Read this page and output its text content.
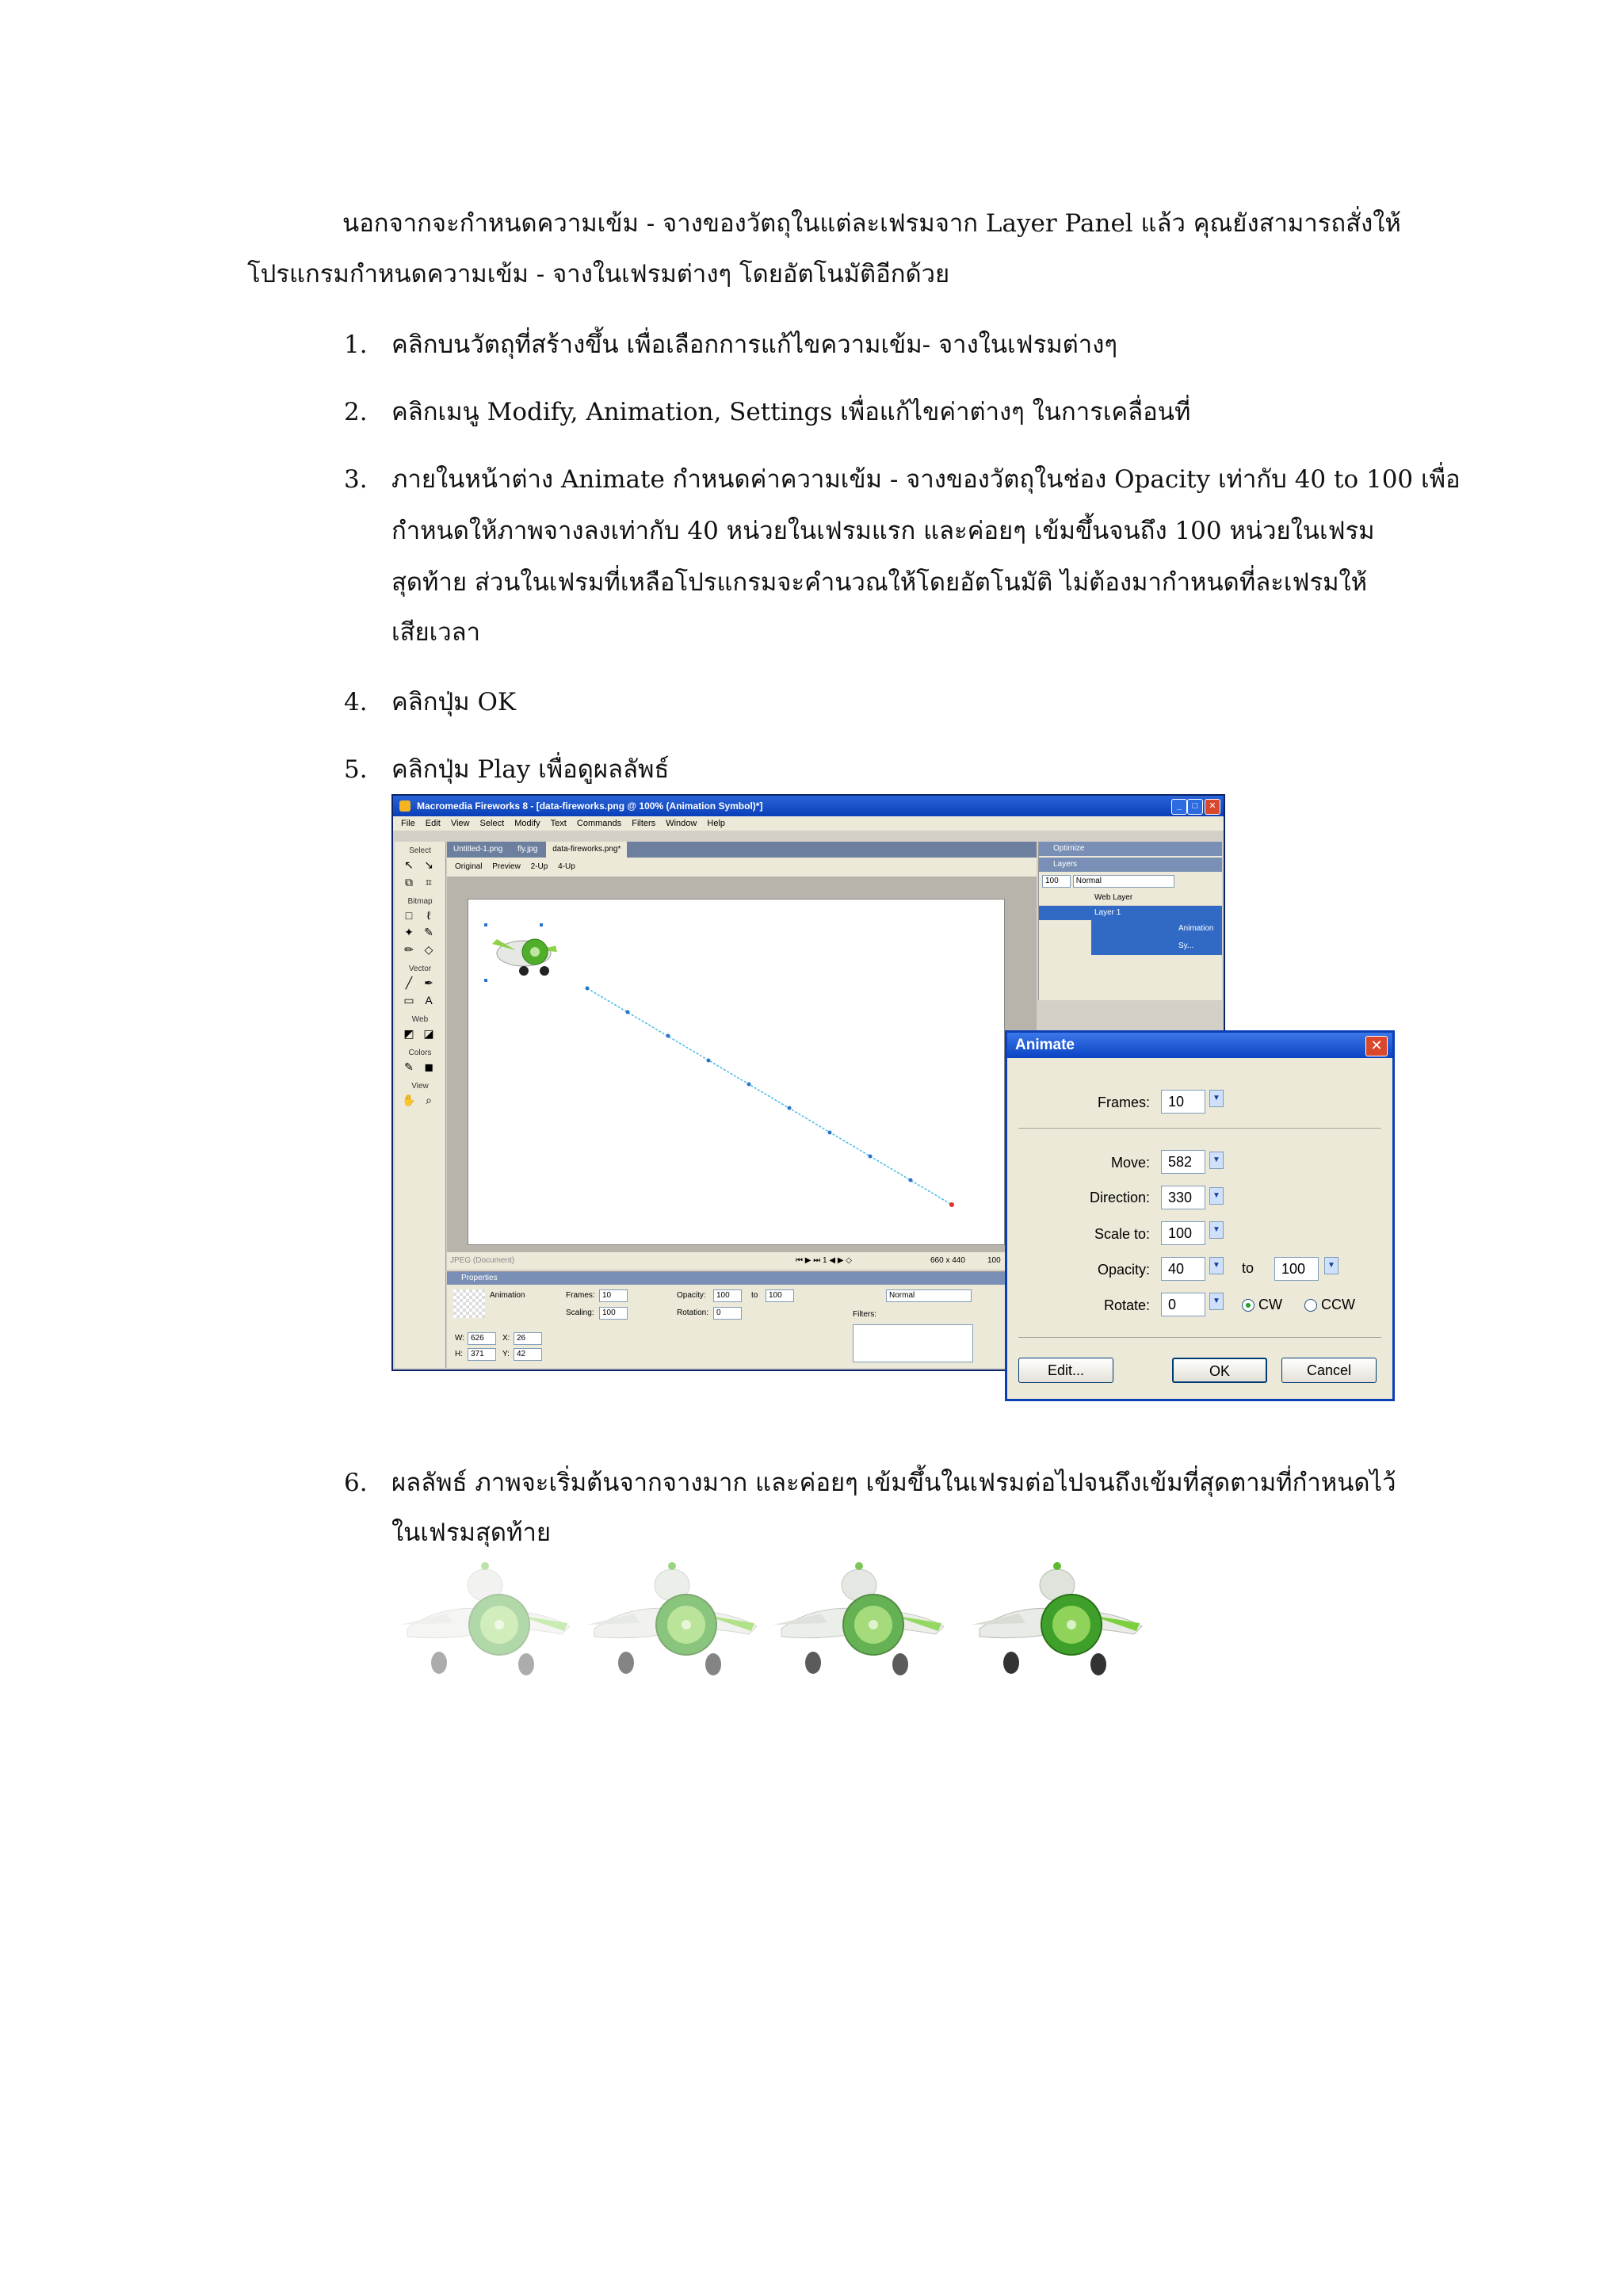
นอกจากจะกำหนดความเข้ม - จางของวัตถุในแต่ละเฟรมจาก Layer Panel แล้ว คุณยังสามารถสั่งให้
โปรแกรมกำหนดความเข้ม - จางในเฟรมต่างๆ โดยอัตโนมัติอีกด้วย
1. คลิกบนวัตถุที่สร้างขึ้น เพื่อเลือกการแก้ไขความเข้ม- จางในเฟรมต่างๆ
2. คลิกเมนู Modify, Animation, Settings เพื่อแก้ไขค่าต่างๆ ในการเคลื่อนที่
3. ภายในหน้าต่าง Animate กำหนดค่าความเข้ม - จางของวัตถุในช่อง Opacity เท่ากับ 40 to 100 เพื่อ
กำหนดให้ภาพจางลงเท่ากับ 40 หน่วยในเฟรมแรก และค่อยๆ เข้มขึ้นจนถึง 100 หน่วยในเฟรม
สุดท้าย ส่วนในเฟรมที่เหลือโปรแกรมจะคำนวณให้โดยอัตโนมัติ ไม่ต้องมากำหนดที่ละเฟรมให้
เสียเวลา
4. คลิกปุ่ม OK
5. คลิกปุ่ม Play เพื่อดูผลลัพธ์
Macromedia Fireworks 8 - [data-fireworks.png @ 100% (Animation Symbol)*]	_	□	✕
File Edit View Select Modify Text Commands Filters Window Help
Select
↖ ↘
⧉	⌗
Bitmap
□	ℓ
✦ ✎
✏ ◇
Vector
╱	✒
▭ A
Web
◩ ◪
Colors
✎ ◼
View
✋ ⌕
Untitled-1.png fly.jpg data-fireworks.png*
Original Preview 2-Up 4-Up
JPEG (Document)	⏮ ▶ ⏭ 1 ◀ ▶ ◇	660 x 440	100
Optimize
Layers
100 Normal
Web Layer
Layer 1
Animation Sy...
Properties
Animation	Frames: 10
Scaling:	100
Opacity:	100	to	100
Rotation: 0
Normal
Filters:
W: 626	X: 26
H:	371	Y: 42
Animate	✕
Frames:	10	▼
Move:	582	▼
Direction:	330	▼
Scale to:	100	▼
Opacity:	40	▼ to	100	▼
Rotate:	0	▼	CW	CCW
Edit...	OK	Cancel
6. ผลลัพธ์ ภาพจะเริ่มต้นจากจางมาก และค่อยๆ เข้มขึ้นในเฟรมต่อไปจนถึงเข้มที่สุดตามที่กำหนดไว้
ในเฟรมสุดท้าย
